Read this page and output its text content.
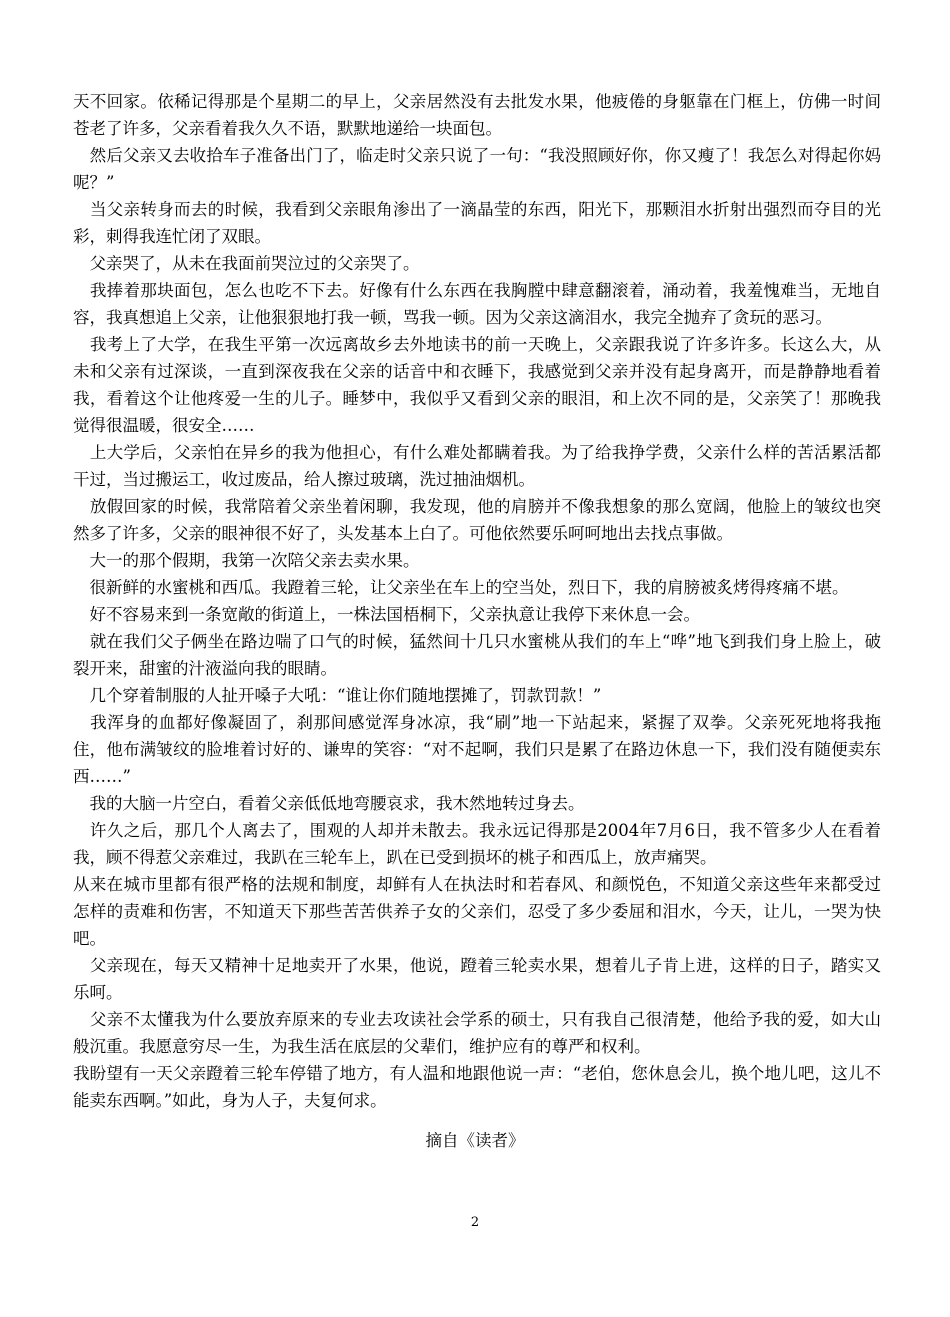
天不回家。依稀记得那是个星期二的早上，父亲居然没有去批发水果，他疲倦的身躯靠在门框上，仿佛一时间苍老了许多，父亲看着我久久不语，默默地递给一块面包。

　然后父亲又去收拾车子准备出门了，临走时父亲只说了一句：“我没照顾好你，你又瘦了！我怎么对得起你妈呢？”

　当父亲转身而去的时候，我看到父亲眼角渗出了一滴晶莹的东西，阳光下，那颗泪水折射出强烈而夺目的光彩，刺得我连忙闭了双眼。

　父亲哭了，从未在我面前哭泣过的父亲哭了。

　我捧着那块面包，怎么也吃不下去。好像有什么东西在我胸膛中肆意翻滚着，涌动着，我羞愧难当，无地自容，我真想追上父亲，让他狠狠地打我一顿，骂我一顿。因为父亲这滴泪水，我完全抛弃了贪玩的恶习。

　我考上了大学，在我生平第一次远离故乡去外地读书的前一天晚上，父亲跟我说了许多许多。长这么大，从未和父亲有过深谈，一直到深夜我在父亲的话音中和衣睡下，我感觉到父亲并没有起身离开，而是静静地看着我，看着这个让他疼爱一生的儿子。睡梦中，我似乎又看到父亲的眼泪，和上次不同的是，父亲笑了！那晚我觉得很温暖，很安全……

　上大学后，父亲怕在异乡的我为他担心，有什么难处都瞒着我。为了给我挣学费，父亲什么样的苦活累活都干过，当过搬运工，收过废品，给人擦过玻璃，洗过抽油烟机。

　放假回家的时候，我常陪着父亲坐着闲聊，我发现，他的肩膀并不像我想象的那么宽阔，他脸上的皱纹也突然多了许多，父亲的眼神很不好了，头发基本上白了。可他依然要乐呵呵地出去找点事做。

　大一的那个假期，我第一次陪父亲去卖水果。

　很新鲜的水蜜桃和西瓜。我蹬着三轮，让父亲坐在车上的空当处，烈日下，我的肩膀被炙烤得疼痛不堪。

　好不容易来到一条宽敞的街道上，一株法国梧桐下，父亲执意让我停下来休息一会。

　就在我们父子俩坐在路边喘了口气的时候，猛然间十几只水蜜桃从我们的车上“哗”地飞到我们身上脸上，破裂开来，甜蜜的汁液溢向我的眼睛。

　几个穿着制服的人扯开嗓子大吼：“谁让你们随地摆摊了，罚款罚款！”

　我浑身的血都好像凝固了，刹那间感觉浑身冰凉，我“刷”地一下站起来，紧握了双拳。父亲死死地将我拖住，他布满皱纹的脸堆着讨好的、谦卑的笑容：“对不起啊，我们只是累了在路边休息一下，我们没有随便卖东西……”

　我的大脑一片空白，看着父亲低低地弯腰哀求，我木然地转过身去。

　许久之后，那几个人离去了，围观的人却并未散去。我永远记得那是2004年7月6日，我不管多少人在看着我，顾不得惹父亲难过，我趴在三轮车上，趴在已受到损坏的桃子和西瓜上，放声痛哭。

从来在城市里都有很严格的法规和制度，却鲜有人在执法时和若春风、和颜悦色，不知道父亲这些年来都受过怎样的责难和伤害，不知道天下那些苦苦供养子女的父亲们，忍受了多少委屈和泪水，今天，让儿，一哭为快吧。

　父亲现在，每天又精神十足地卖开了水果，他说，蹬着三轮卖水果，想着儿子肯上进，这样的日子，踏实又乐呵。

　父亲不太懂我为什么要放弃原来的专业去攻读社会学系的硕士，只有我自己很清楚，他给予我的爱，如大山般沉重。我愿意穷尽一生，为我生活在底层的父辈们，维护应有的尊严和权利。

我盼望有一天父亲蹬着三轮车停错了地方，有人温和地跟他说一声：“老伯，您休息会儿，换个地儿吧，这儿不能卖东西啊。”如此，身为人子，夫复何求。

摘自《读者》
2
